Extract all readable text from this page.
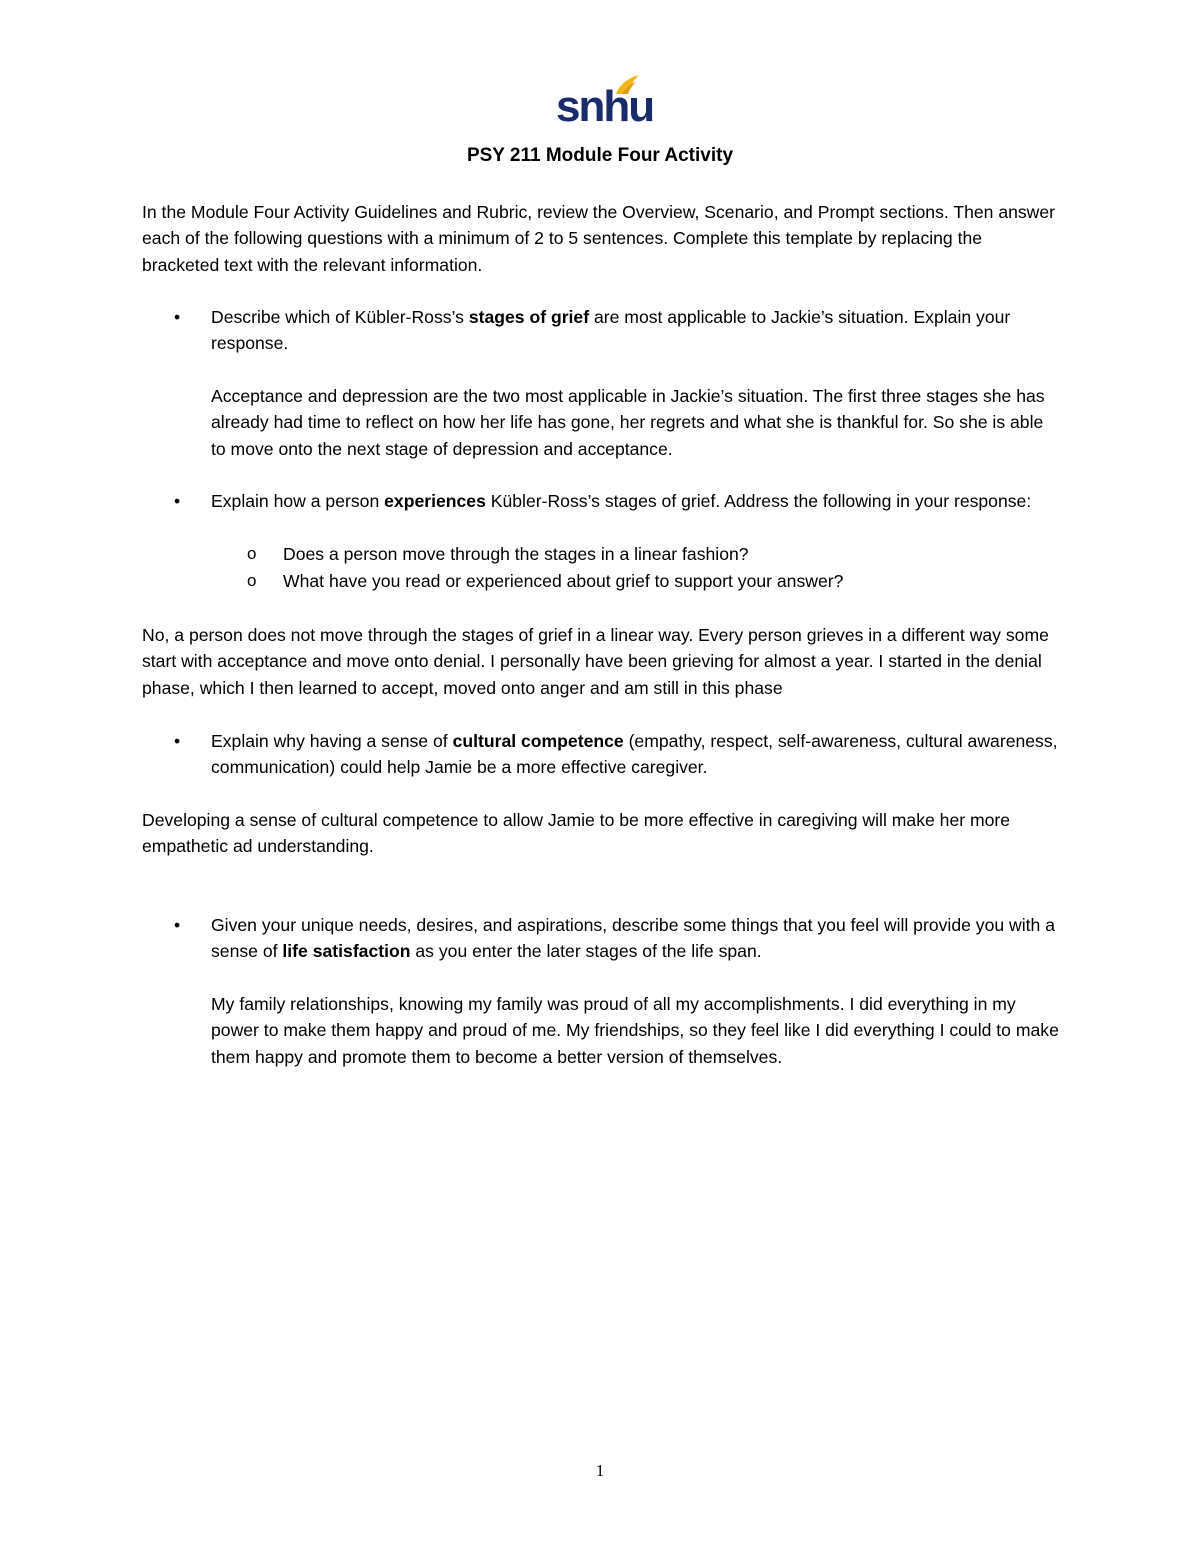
snhu
PSY 211 Module Four Activity

In the Module Four Activity Guidelines and Rubric, review the Overview, Scenario, and Prompt sections. Then answer each of the following questions with a minimum of 2 to 5 sentences. Complete this template by replacing the bracketed text with the relevant information.

• Describe which of Kübler-Ross’s stages of grief are most applicable to Jackie’s situation. Explain your response.

Acceptance and depression are the two most applicable in Jackie’s situation. The first three stages she has already had time to reflect on how her life has gone, her regrets and what she is thankful for. So she is able to move onto the next stage of depression and acceptance.

• Explain how a person experiences Kübler-Ross’s stages of grief. Address the following in your response:

o Does a person move through the stages in a linear fashion?
o What have you read or experienced about grief to support your answer?

No, a person does not move through the stages of grief in a linear way. Every person grieves in a different way some start with acceptance and move onto denial. I personally have been grieving for almost a year. I started in the denial phase, which I then learned to accept, moved onto anger and am still in this phase

• Explain why having a sense of cultural competence (empathy, respect, self-awareness, cultural awareness, communication) could help Jamie be a more effective caregiver.

Developing a sense of cultural competence to allow Jamie to be more effective in caregiving will make her more empathetic ad understanding.

• Given your unique needs, desires, and aspirations, describe some things that you feel will provide you with a sense of life satisfaction as you enter the later stages of the life span.

My family relationships, knowing my family was proud of all my accomplishments. I did everything in my power to make them happy and proud of me. My friendships, so they feel like I did everything I could to make them happy and promote them to become a better version of themselves.

1
